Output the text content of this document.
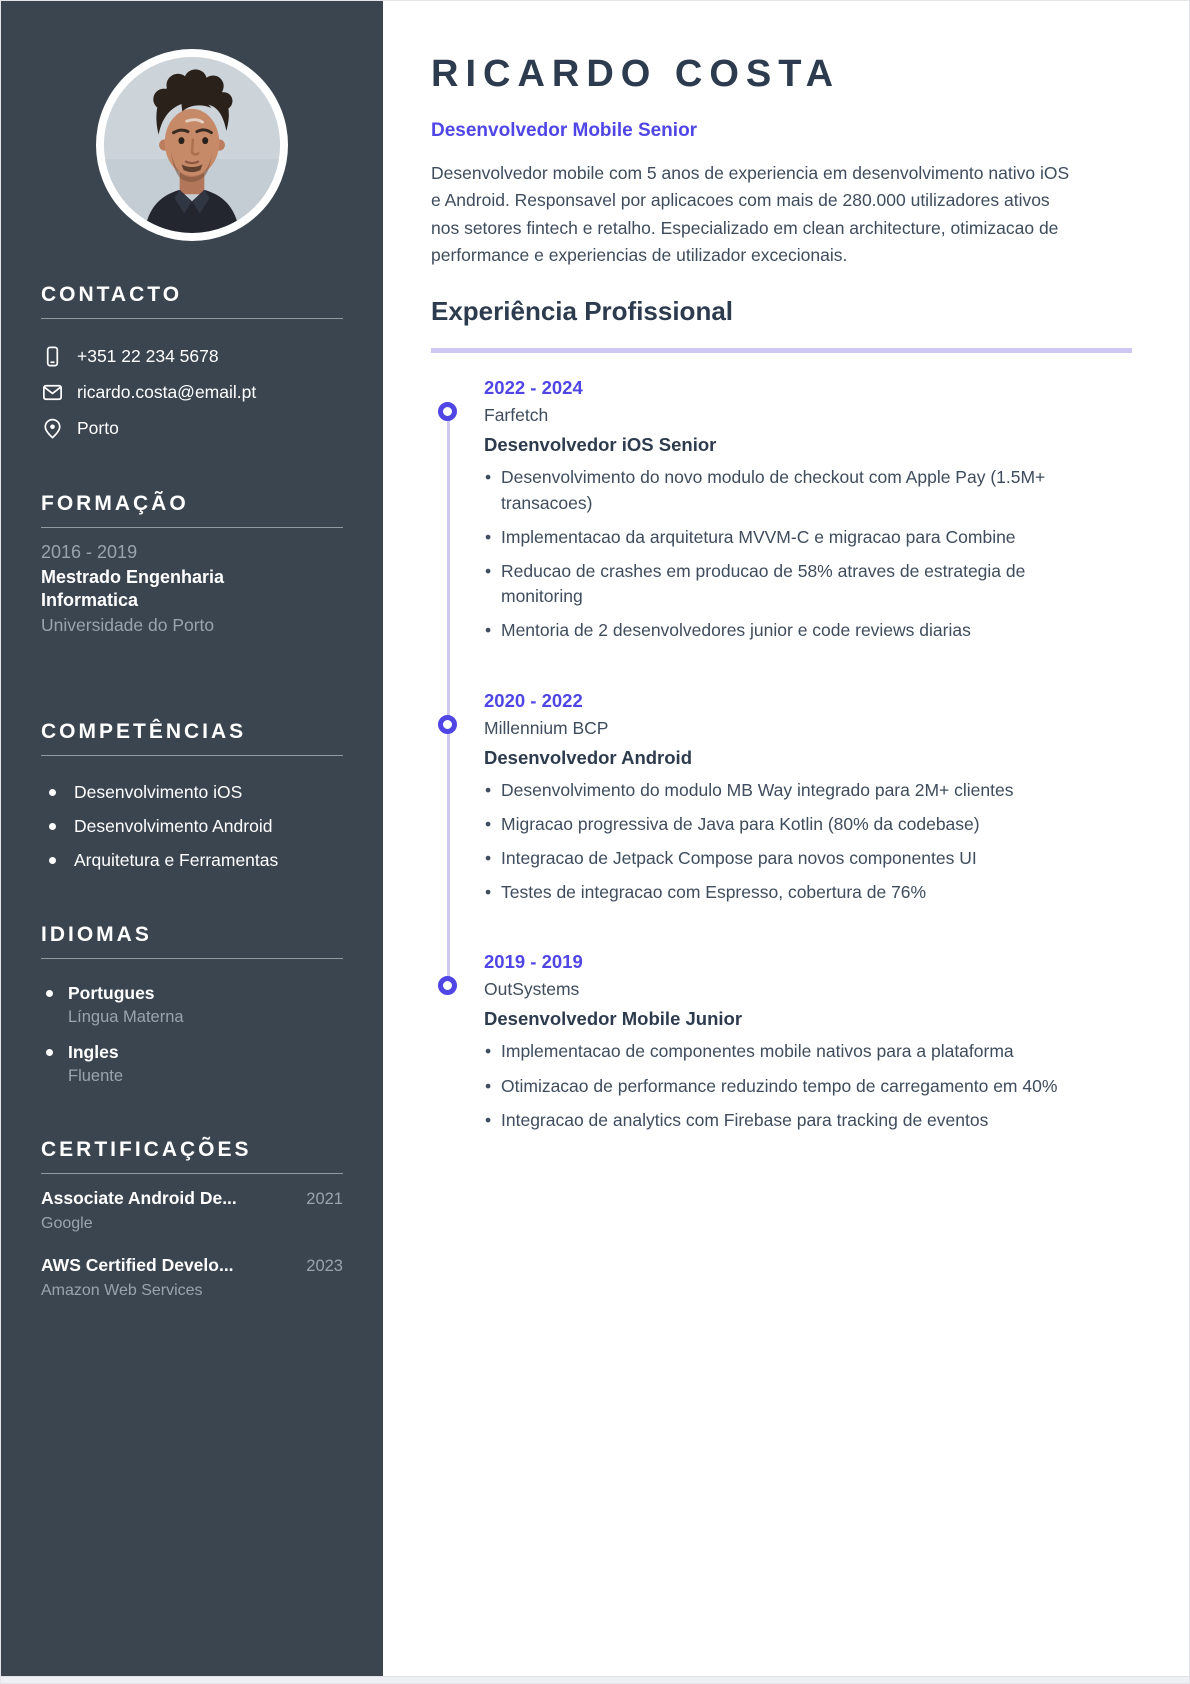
CONTACTO
+351 22 234 5678
ricardo.costa@email.pt
Porto
FORMAÇÃO
2016 - 2019
Mestrado Engenharia Informatica
Universidade do Porto
COMPETÊNCIAS
Desenvolvimento iOS
Desenvolvimento Android
Arquitetura e Ferramentas
IDIOMAS
Portugues
Língua Materna
Ingles
Fluente
CERTIFICAÇÕES
Associate Android De...	2021
Google
AWS Certified Develo...	2023
Amazon Web Services
RICARDO COSTA
Desenvolvedor Mobile Senior

Desenvolvedor mobile com 5 anos de experiencia em desenvolvimento nativo iOS e Android. Responsavel por aplicacoes com mais de 280.000 utilizadores ativos nos setores fintech e retalho. Especializado em clean architecture, otimizacao de performance e experiencias de utilizador excecionais.

Experiência Profissional
2022 - 2024
Farfetch
Desenvolvedor iOS Senior
• Desenvolvimento do novo modulo de checkout com Apple Pay (1.5M+ transacoes)
• Implementacao da arquitetura MVVM-C e migracao para Combine
• Reducao de crashes em producao de 58% atraves de estrategia de monitoring
• Mentoria de 2 desenvolvedores junior e code reviews diarias
2020 - 2022
Millennium BCP
Desenvolvedor Android
• Desenvolvimento do modulo MB Way integrado para 2M+ clientes
• Migracao progressiva de Java para Kotlin (80% da codebase)
• Integracao de Jetpack Compose para novos componentes UI
• Testes de integracao com Espresso, cobertura de 76%
2019 - 2019
OutSystems
Desenvolvedor Mobile Junior
• Implementacao de componentes mobile nativos para a plataforma
• Otimizacao de performance reduzindo tempo de carregamento em 40%
• Integracao de analytics com Firebase para tracking de eventos
